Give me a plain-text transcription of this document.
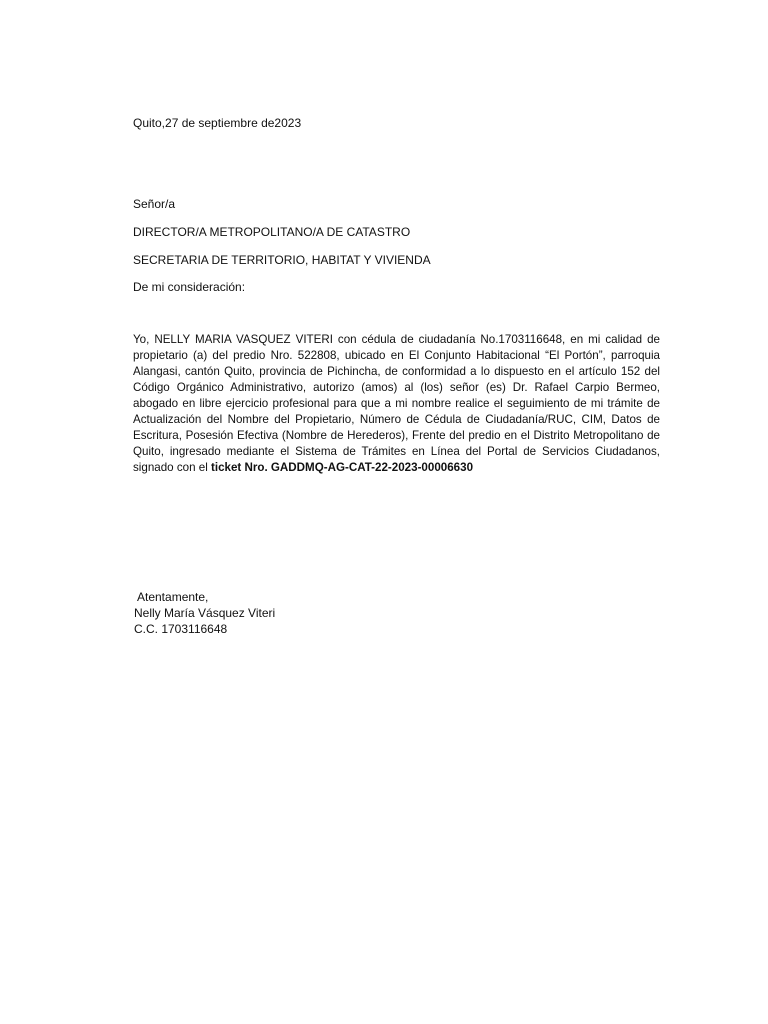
Quito,27 de septiembre de2023
Señor/a
DIRECTOR/A METROPOLITANO/A DE CATASTRO
SECRETARIA DE TERRITORIO, HABITAT Y VIVIENDA
De mi consideración:
Yo, NELLY MARIA VASQUEZ VITERI con cédula de ciudadanía No.1703116648, en mi calidad de propietario (a) del predio Nro. 522808, ubicado en El Conjunto Habitacional “El Portón”, parroquia Alangasi, cantón Quito, provincia de Pichincha, de conformidad a lo dispuesto en el artículo 152 del Código Orgánico Administrativo, autorizo (amos) al (los) señor (es) Dr. Rafael Carpio Bermeo, abogado en libre ejercicio profesional para que a mi nombre realice el seguimiento de mi trámite de Actualización del Nombre del Propietario, Número de Cédula de Ciudadanía/RUC, CIM, Datos de Escritura, Posesión Efectiva (Nombre de Herederos), Frente del predio en el Distrito Metropolitano de Quito, ingresado mediante el Sistema de Trámites en Línea del Portal de Servicios Ciudadanos, signado con el ticket Nro. GADDMQ-AG-CAT-22-2023-00006630
Atentamente,
Nelly María Vásquez Viteri
C.C. 1703116648
